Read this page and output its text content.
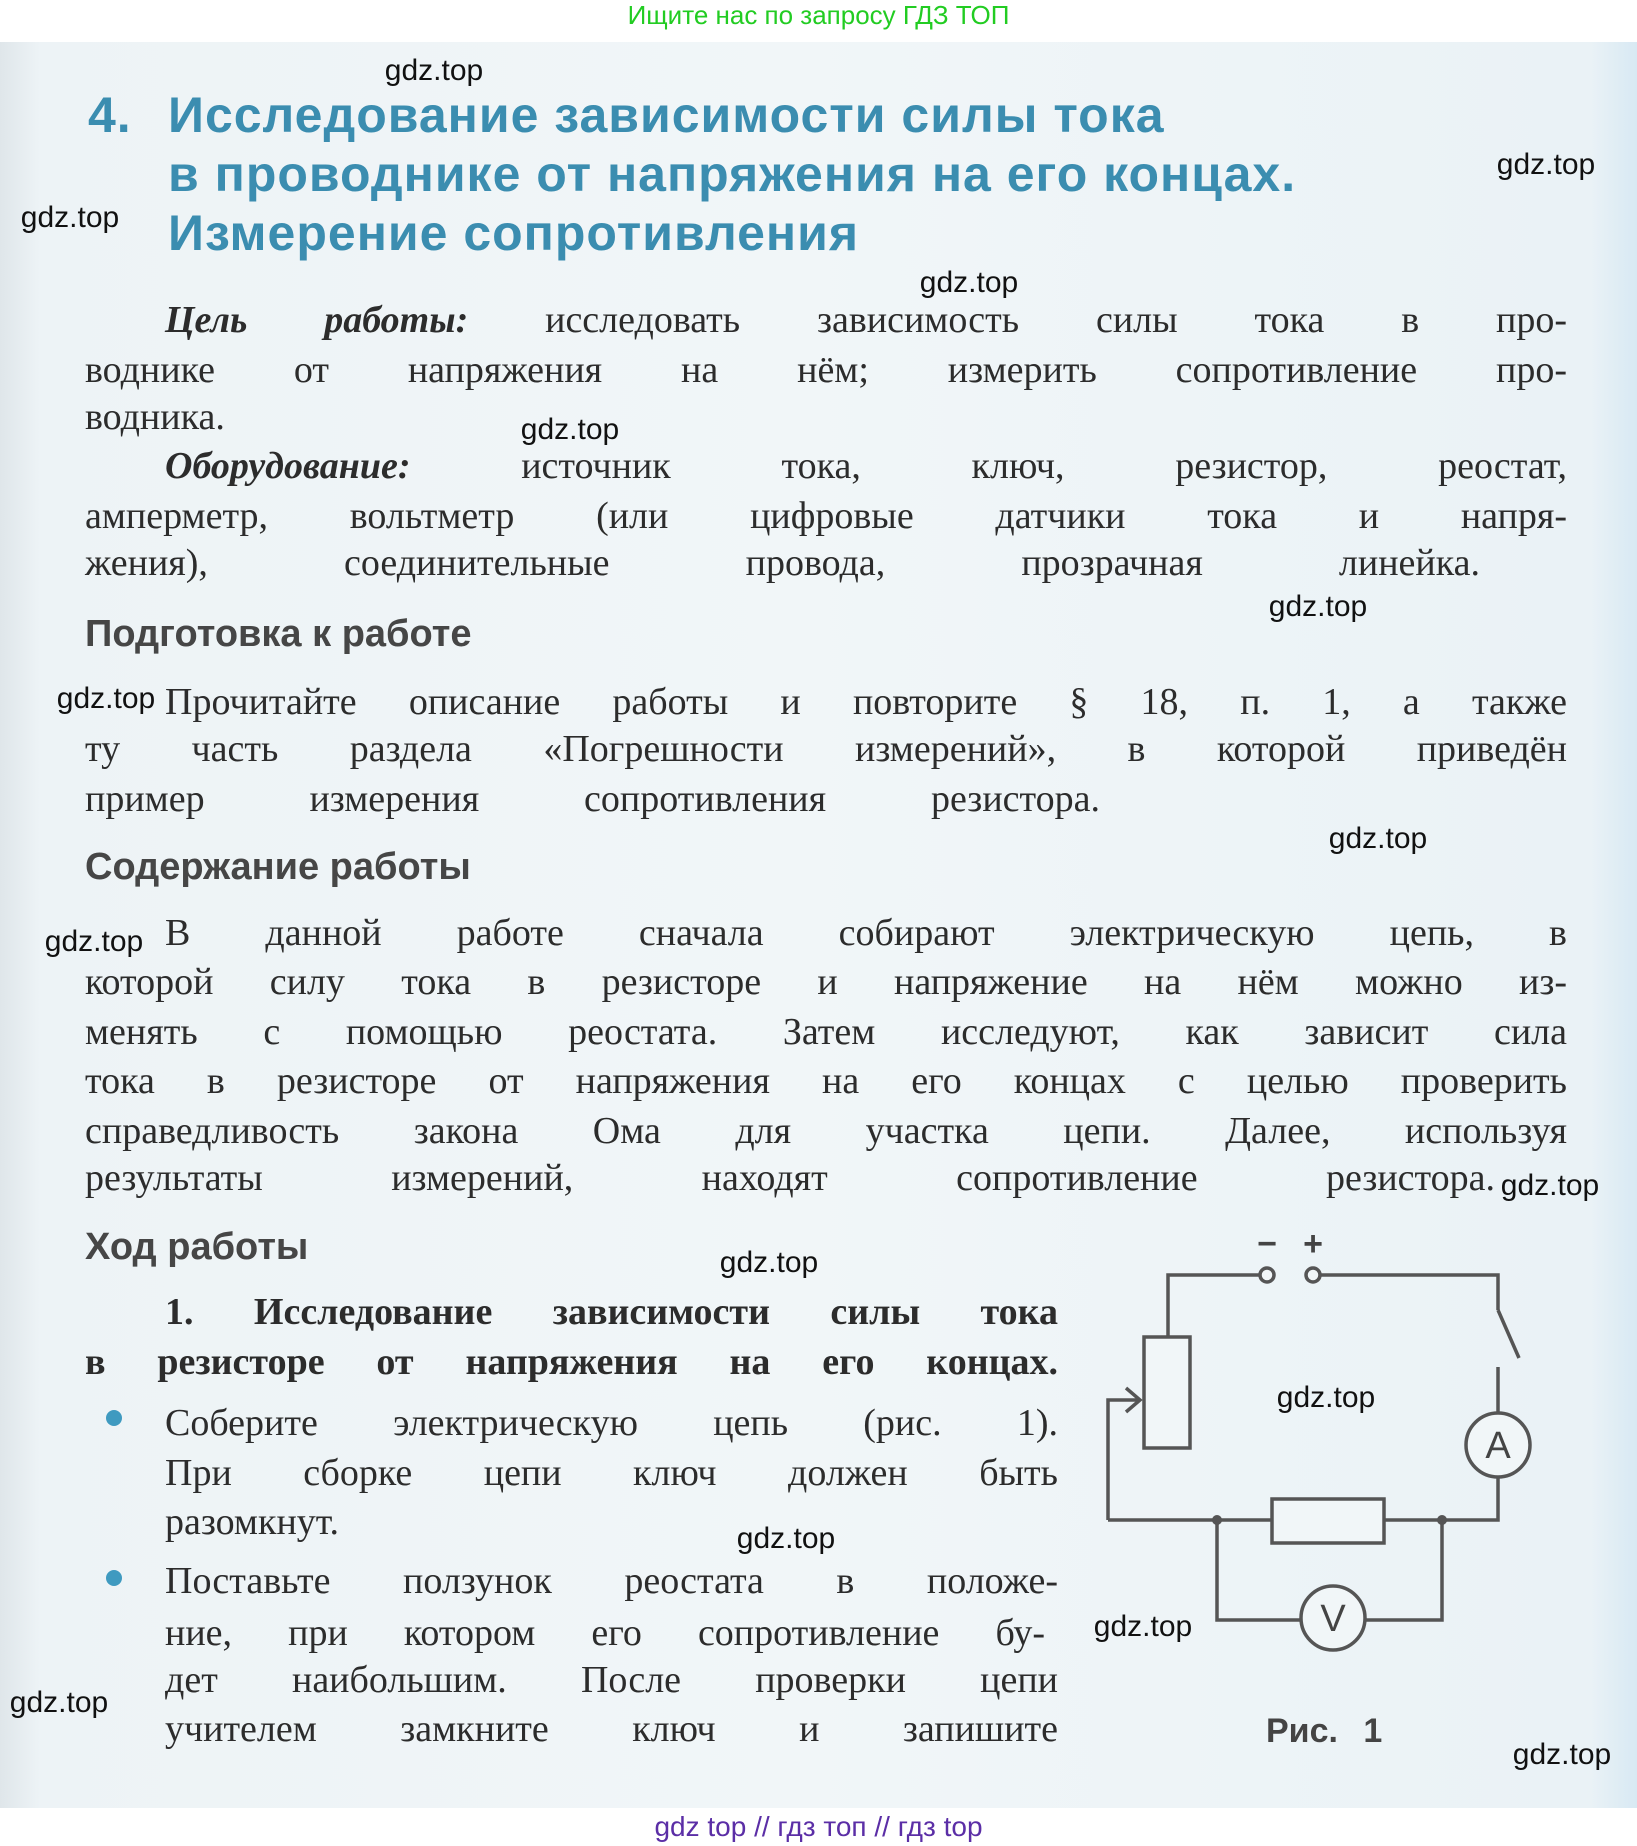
Ищите нас по запросу ГДЗ ТОП
4. Исследование зависимости силы тока
в проводнике от напряжения на его концах.
Измерение сопротивления
Цель работы: исследовать зависимость силы тока в про-
воднике от напряжения на нём; измерить сопротивление про-
водника.
Оборудование: источник тока, ключ, резистор, реостат,
амперметр, вольтметр (или цифровые датчики тока и напря-
жения), соединительные провода, прозрачная линейка.
Подготовка к работе
Прочитайте описание работы и повторите § 18, п. 1, а также
ту часть раздела «Погрешности измерений», в которой приведён
пример измерения сопротивления резистора.
Содержание работы
В данной работе сначала собирают электрическую цепь, в
которой силу тока в резисторе и напряжение на нём можно из-
менять с помощью реостата. Затем исследуют, как зависит сила
тока в резисторе от напряжения на его концах с целью проверить
справедливость закона Ома для участка цепи. Далее, используя
результаты измерений, находят сопротивление резистора.
Ход работы
1. Исследование зависимости силы тока
в резисторе от напряжения на его концах.
Соберите электрическую цепь (рис. 1).
При сборке цепи ключ должен быть
разомкнут.
Поставьте ползунок реостата в положе-
ние, при котором его сопротивление бу-
дет наибольшим. После проверки цепи
учителем замкните ключ и запишите
− +
A
V
Рис. 1
gdz.top
gdz.top
gdz.top
gdz.top
gdz.top
gdz.top
gdz.top
gdz.top
gdz.top
gdz.top
gdz.top
gdz.top
gdz.top
gdz.top
gdz.top
gdz.top
gdz top // гдз топ // гдз top
